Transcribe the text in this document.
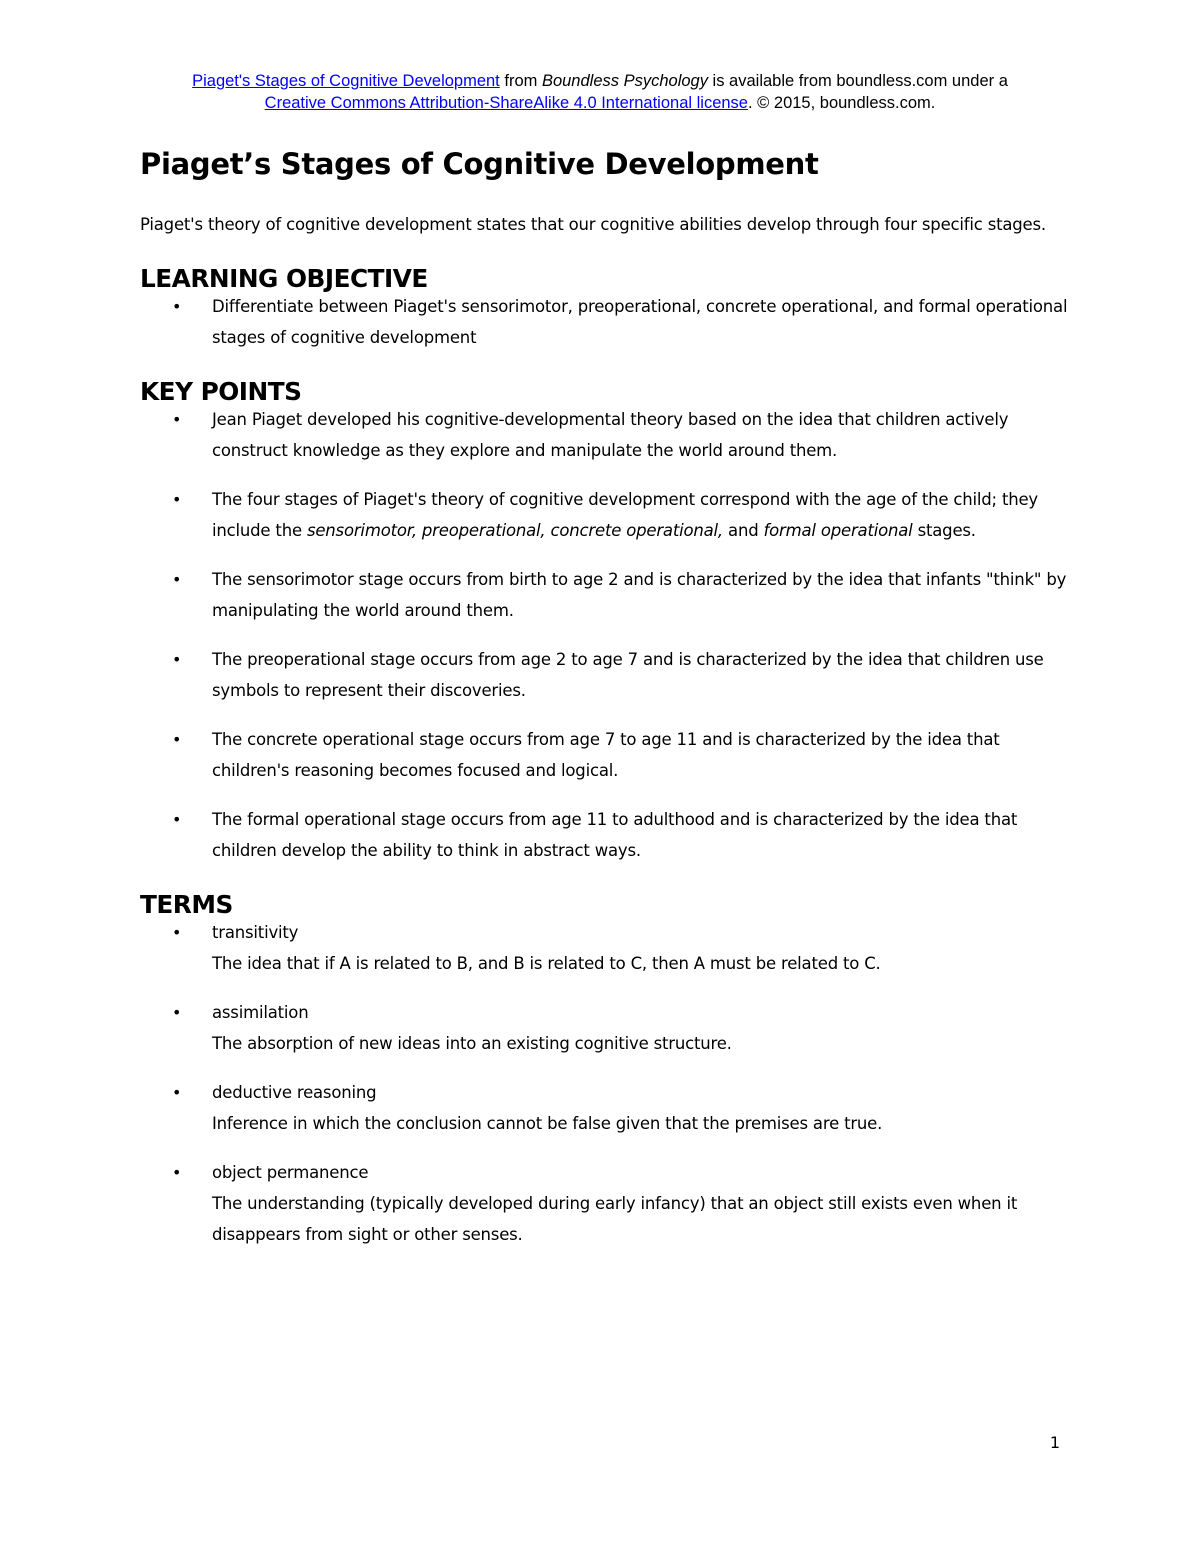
Piaget's Stages of Cognitive Development from Boundless Psychology is available from boundless.com under a
Creative Commons Attribution-ShareAlike 4.0 International license. © 2015, boundless.com.
Piaget’s Stages of Cognitive Development

Piaget's theory of cognitive development states that our cognitive abilities develop through four specific stages.

LEARNING OBJECTIVE
• Differentiate between Piaget's sensorimotor, preoperational, concrete operational, and formal operational stages of cognitive development
KEY POINTS
• Jean Piaget developed his cognitive-developmental theory based on the idea that children actively construct knowledge as they explore and manipulate the world around them.
• The four stages of Piaget's theory of cognitive development correspond with the age of the child; they include the sensorimotor, preoperational, concrete operational, and formal operational stages.
• The sensorimotor stage occurs from birth to age 2 and is characterized by the idea that infants "think" by manipulating the world around them.
• The preoperational stage occurs from age 2 to age 7 and is characterized by the idea that children use symbols to represent their discoveries.
• The concrete operational stage occurs from age 7 to age 11 and is characterized by the idea that children's reasoning becomes focused and logical.
• The formal operational stage occurs from age 11 to adulthood and is characterized by the idea that children develop the ability to think in abstract ways.
TERMS
• transitivity
The idea that if A is related to B, and B is related to C, then A must be related to C.
• assimilation
The absorption of new ideas into an existing cognitive structure.
• deductive reasoning
Inference in which the conclusion cannot be false given that the premises are true.
• object permanence
The understanding (typically developed during early infancy) that an object still exists even when it disappears from sight or other senses.
1
